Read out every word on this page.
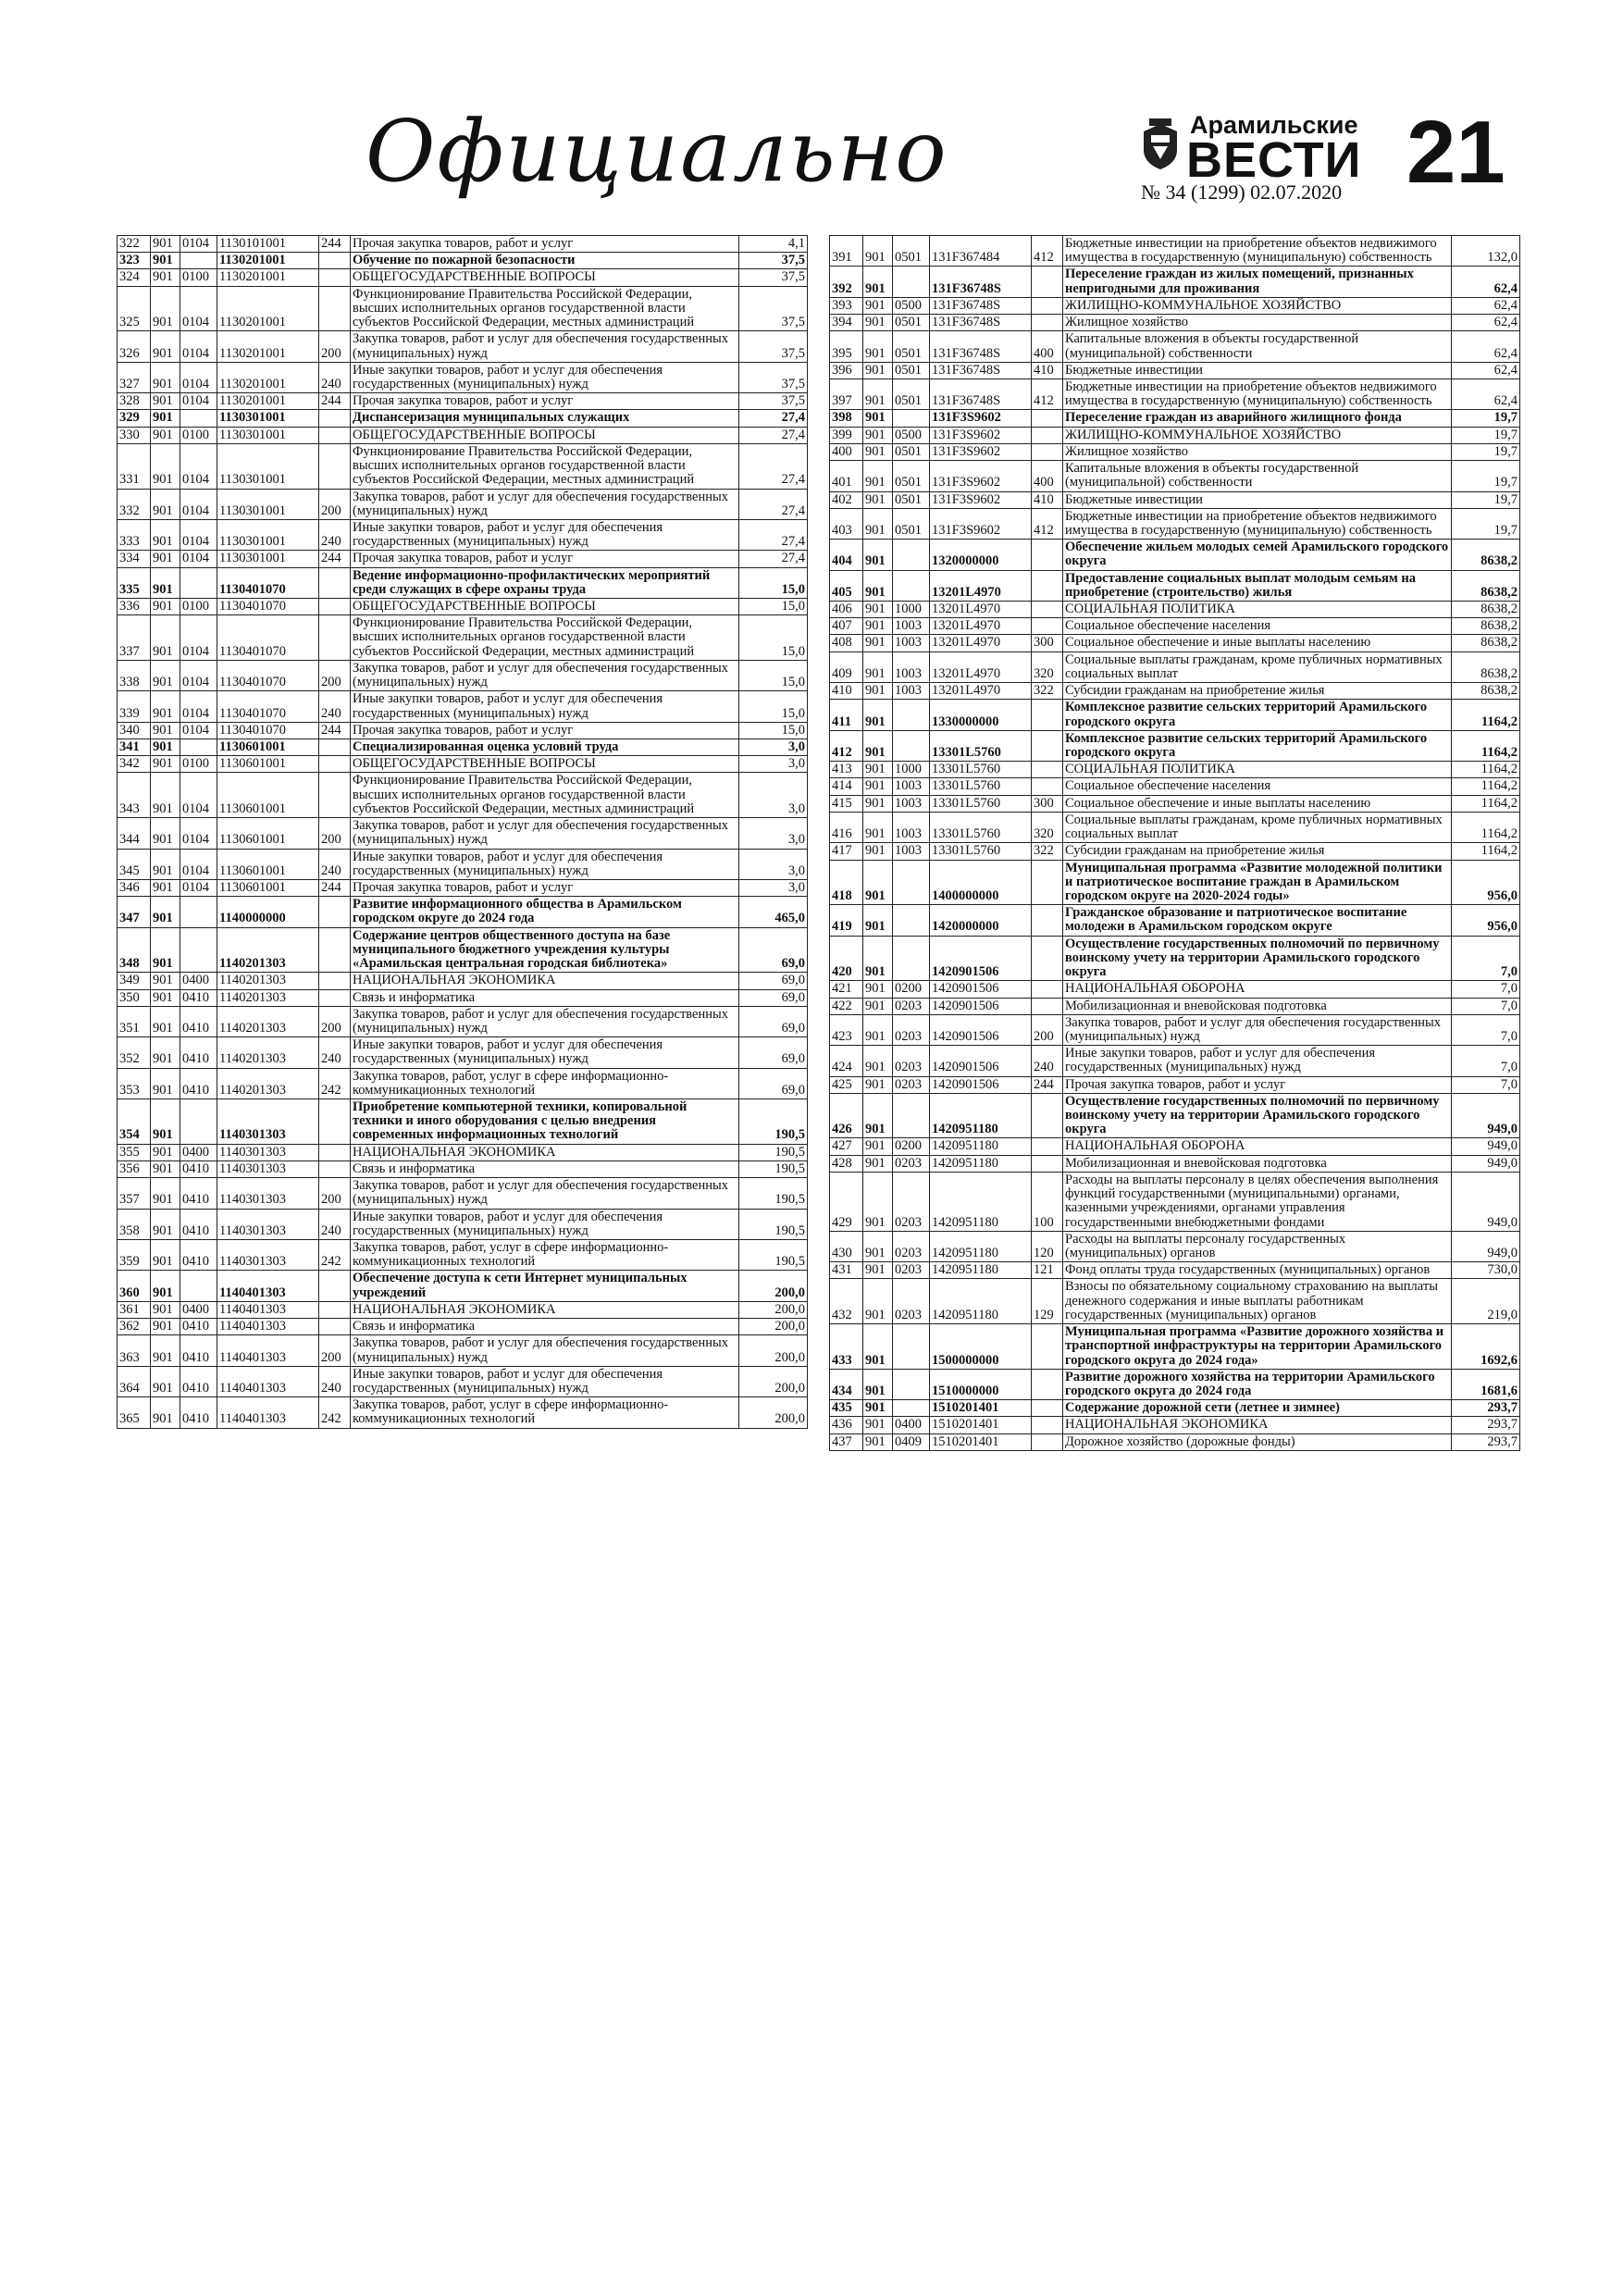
Официально	Арамильские
ВЕСТИ 21
№ 34 (1299) 02.07.2020
322	901	0104	1130101001	244	Прочая закупка товаров, работ и услуг	4,1
323	901		1130201001		Обучение по пожарной безопасности	37,5
324	901	0100	1130201001		ОБЩЕГОСУДАРСТВЕННЫЕ ВОПРОСЫ	37,5
325	901	0104	1130201001		Функционирование Правительства Российской Федерации, высших исполнительных органов государственной власти субъектов Российской Федерации, местных администраций	37,5
326	901	0104	1130201001	200	Закупка товаров, работ и услуг для обеспечения государственных (муниципальных) нужд	37,5
327	901	0104	1130201001	240	Иные закупки товаров, работ и услуг для обеспечения государственных (муниципальных) нужд	37,5
328	901	0104	1130201001	244	Прочая закупка товаров, работ и услуг	37,5
329	901		1130301001		Диспансеризация муниципальных служащих	27,4
330	901	0100	1130301001		ОБЩЕГОСУДАРСТВЕННЫЕ ВОПРОСЫ	27,4
331	901	0104	1130301001		Функционирование Правительства Российской Федерации, высших исполнительных органов государственной власти субъектов Российской Федерации, местных администраций	27,4
332	901	0104	1130301001	200	Закупка товаров, работ и услуг для обеспечения государственных (муниципальных) нужд	27,4
333	901	0104	1130301001	240	Иные закупки товаров, работ и услуг для обеспечения государственных (муниципальных) нужд	27,4
334	901	0104	1130301001	244	Прочая закупка товаров, работ и услуг	27,4
335	901		1130401070		Ведение информационно-профилактических мероприятий среди служащих в сфере охраны труда	15,0
336	901	0100	1130401070		ОБЩЕГОСУДАРСТВЕННЫЕ ВОПРОСЫ	15,0
337	901	0104	1130401070		Функционирование Правительства Российской Федерации, высших исполнительных органов государственной власти субъектов Российской Федерации, местных администраций	15,0
338	901	0104	1130401070	200	Закупка товаров, работ и услуг для обеспечения государственных (муниципальных) нужд	15,0
339	901	0104	1130401070	240	Иные закупки товаров, работ и услуг для обеспечения государственных (муниципальных) нужд	15,0
340	901	0104	1130401070	244	Прочая закупка товаров, работ и услуг	15,0
341	901		1130601001		Специализированная оценка условий труда	3,0
342	901	0100	1130601001		ОБЩЕГОСУДАРСТВЕННЫЕ ВОПРОСЫ	3,0
343	901	0104	1130601001		Функционирование Правительства Российской Федерации, высших исполнительных органов государственной власти субъектов Российской Федерации, местных администраций	3,0
344	901	0104	1130601001	200	Закупка товаров, работ и услуг для обеспечения государственных (муниципальных) нужд	3,0
345	901	0104	1130601001	240	Иные закупки товаров, работ и услуг для обеспечения государственных (муниципальных) нужд	3,0
346	901	0104	1130601001	244	Прочая закупка товаров, работ и услуг	3,0
347	901		1140000000		Развитие информационного общества в Арамильском городском округе до 2024 года	465,0
348	901		1140201303		Содержание центров общественного доступа на базе муниципального бюджетного учреждения культуры «Арамильская центральная городская библиотека»	69,0
349	901	0400	1140201303		НАЦИОНАЛЬНАЯ ЭКОНОМИКА	69,0
350	901	0410	1140201303		Связь и информатика	69,0
351	901	0410	1140201303	200	Закупка товаров, работ и услуг для обеспечения государственных (муниципальных) нужд	69,0
352	901	0410	1140201303	240	Иные закупки товаров, работ и услуг для обеспечения государственных (муниципальных) нужд	69,0
353	901	0410	1140201303	242	Закупка товаров, работ, услуг в сфере информационно-коммуникационных технологий	69,0
354	901		1140301303		Приобретение компьютерной техники, копировальной техники и иного оборудования с целью внедрения современных информационных технологий	190,5
355	901	0400	1140301303		НАЦИОНАЛЬНАЯ ЭКОНОМИКА	190,5
356	901	0410	1140301303		Связь и информатика	190,5
357	901	0410	1140301303	200	Закупка товаров, работ и услуг для обеспечения государственных (муниципальных) нужд	190,5
358	901	0410	1140301303	240	Иные закупки товаров, работ и услуг для обеспечения государственных (муниципальных) нужд	190,5
359	901	0410	1140301303	242	Закупка товаров, работ, услуг в сфере информационно-коммуникационных технологий	190,5
360	901		1140401303		Обеспечение доступа к сети Интернет муниципальных учреждений	200,0
361	901	0400	1140401303		НАЦИОНАЛЬНАЯ ЭКОНОМИКА	200,0
362	901	0410	1140401303		Связь и информатика	200,0
363	901	0410	1140401303	200	Закупка товаров, работ и услуг для обеспечения государственных (муниципальных) нужд	200,0
364	901	0410	1140401303	240	Иные закупки товаров, работ и услуг для обеспечения государственных (муниципальных) нужд	200,0
365	901	0410	1140401303	242	Закупка товаров, работ, услуг в сфере информационно-коммуникационных технологий	200,0
391	901	0501	131F367484	412	Бюджетные инвестиции на приобретение объектов недвижимого имущества в государственную (муниципальную) собственность	132,0
392	901		131F36748S		Переселение граждан из жилых помещений, признанных непригодными для проживания	62,4
393	901	0500	131F36748S		ЖИЛИЩНО-КОММУНАЛЬНОЕ ХОЗЯЙСТВО	62,4
394	901	0501	131F36748S		Жилищное хозяйство	62,4
395	901	0501	131F36748S	400	Капитальные вложения в объекты государственной (муниципальной) собственности	62,4
396	901	0501	131F36748S	410	Бюджетные инвестиции	62,4
397	901	0501	131F36748S	412	Бюджетные инвестиции на приобретение объектов недвижимого имущества в государственную (муниципальную) собственность	62,4
398	901		131F3S9602		Переселение граждан из аварийного жилищного фонда	19,7
399	901	0500	131F3S9602		ЖИЛИЩНО-КОММУНАЛЬНОЕ ХОЗЯЙСТВО	19,7
400	901	0501	131F3S9602		Жилищное хозяйство	19,7
401	901	0501	131F3S9602	400	Капитальные вложения в объекты государственной (муниципальной) собственности	19,7
402	901	0501	131F3S9602	410	Бюджетные инвестиции	19,7
403	901	0501	131F3S9602	412	Бюджетные инвестиции на приобретение объектов недвижимого имущества в государственную (муниципальную) собственность	19,7
404	901		1320000000		Обеспечение жильем молодых семей Арамильского городского округа	8638,2
405	901		13201L4970		Предоставление социальных выплат молодым семьям на приобретение (строительство) жилья	8638,2
406	901	1000	13201L4970		СОЦИАЛЬНАЯ ПОЛИТИКА	8638,2
407	901	1003	13201L4970		Социальное обеспечение населения	8638,2
408	901	1003	13201L4970	300	Социальное обеспечение и иные выплаты населению	8638,2
409	901	1003	13201L4970	320	Социальные выплаты гражданам, кроме публичных нормативных социальных выплат	8638,2
410	901	1003	13201L4970	322	Субсидии гражданам на приобретение жилья	8638,2
411	901		1330000000		Комплексное развитие сельских территорий Арамильского городского округа	1164,2
412	901		13301L5760		Комплексное развитие сельских территорий Арамильского городского округа	1164,2
413	901	1000	13301L5760		СОЦИАЛЬНАЯ ПОЛИТИКА	1164,2
414	901	1003	13301L5760		Социальное обеспечение населения	1164,2
415	901	1003	13301L5760	300	Социальное обеспечение и иные выплаты населению	1164,2
416	901	1003	13301L5760	320	Социальные выплаты гражданам, кроме публичных нормативных социальных выплат	1164,2
417	901	1003	13301L5760	322	Субсидии гражданам на приобретение жилья	1164,2
418	901		1400000000		Муниципальная программа «Развитие молодежной политики и патриотическое воспитание граждан в Арамильском городском округе на 2020-2024 годы»	956,0
419	901		1420000000		Гражданское образование и патриотическое воспитание молодежи в Арамильском городском округе	956,0
420	901		1420901506		Осуществление государственных полномочий по первичному воинскому учету на территории Арамильского городского округа	7,0
421	901	0200	1420901506		НАЦИОНАЛЬНАЯ ОБОРОНА	7,0
422	901	0203	1420901506		Мобилизационная и вневойсковая подготовка	7,0
423	901	0203	1420901506	200	Закупка товаров, работ и услуг для обеспечения государственных (муниципальных) нужд	7,0
424	901	0203	1420901506	240	Иные закупки товаров, работ и услуг для обеспечения государственных (муниципальных) нужд	7,0
425	901	0203	1420901506	244	Прочая закупка товаров, работ и услуг	7,0
426	901		1420951180		Осуществление государственных полномочий по первичному воинскому учету на территории Арамильского городского округа	949,0
427	901	0200	1420951180		НАЦИОНАЛЬНАЯ ОБОРОНА	949,0
428	901	0203	1420951180		Мобилизационная и вневойсковая подготовка	949,0
429	901	0203	1420951180	100	Расходы на выплаты персоналу в целях обеспечения выполнения функций государственными (муниципальными) органами, казенными учреждениями, органами управления государственными внебюджетными фондами	949,0
430	901	0203	1420951180	120	Расходы на выплаты персоналу государственных (муниципальных) органов	949,0
431	901	0203	1420951180	121	Фонд оплаты труда государственных (муниципальных) органов	730,0
432	901	0203	1420951180	129	Взносы по обязательному социальному страхованию на выплаты денежного содержания и иные выплаты работникам государственных (муниципальных) органов	219,0
433	901		1500000000		Муниципальная программа «Развитие дорожного хозяйства и транспортной инфраструктуры на территории Арамильского городского округа до 2024 года»	1692,6
434	901		1510000000		Развитие дорожного хозяйства на территории Арамильского городского округа до 2024 года	1681,6
435	901		1510201401		Содержание дорожной сети (летнее и зимнее)	293,7
436	901	0400	1510201401		НАЦИОНАЛЬНАЯ ЭКОНОМИКА	293,7
437	901	0409	1510201401		Дорожное хозяйство (дорожные фонды)	293,7
